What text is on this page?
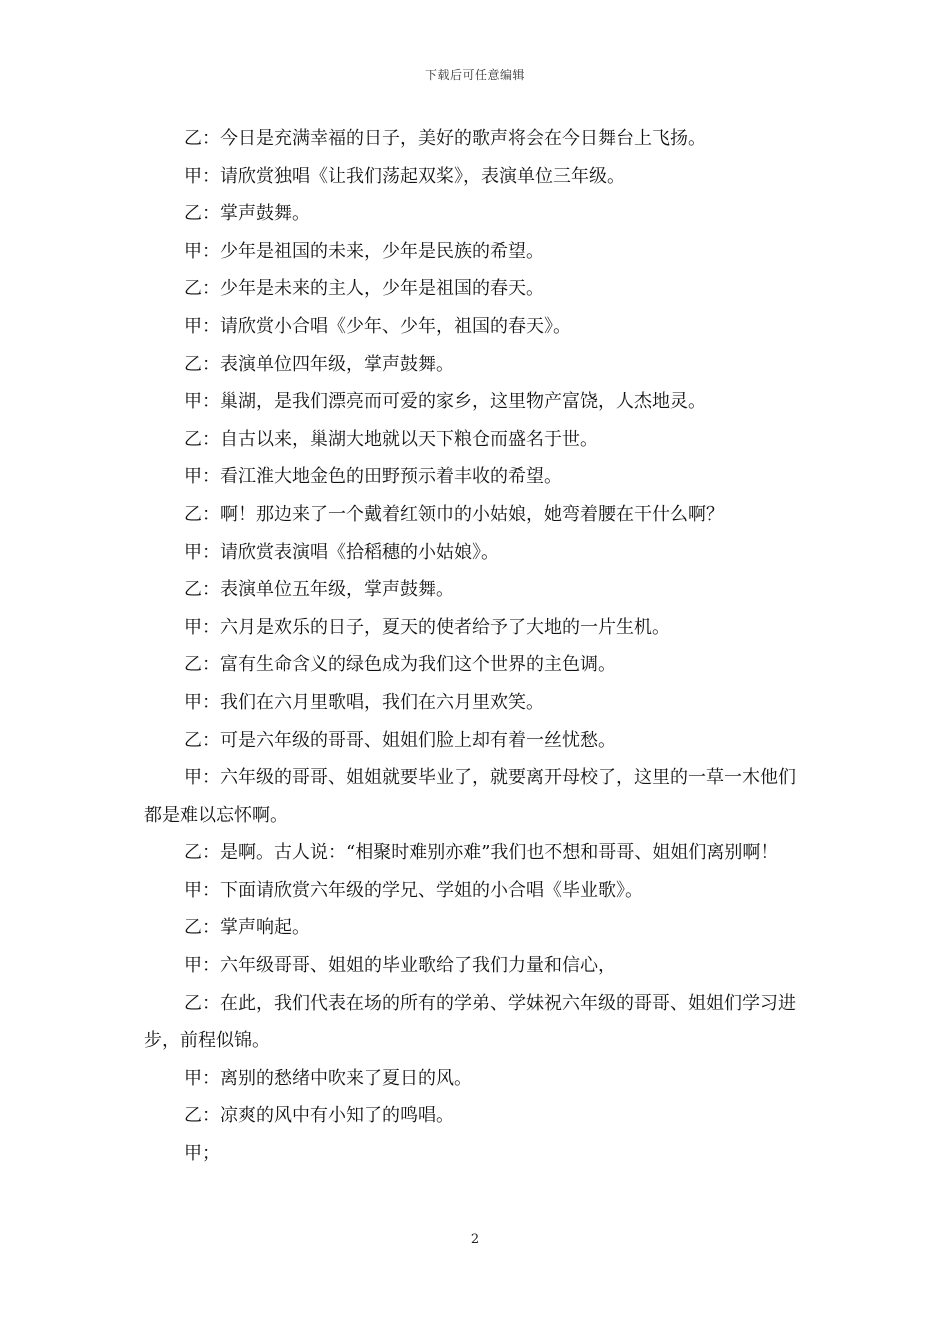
下载后可任意编辑

乙：今日是充满幸福的日子，美好的歌声将会在今日舞台上飞扬。

甲：请欣赏独唱《让我们荡起双桨》，表演单位三年级。

乙：掌声鼓舞。

甲：少年是祖国的未来，少年是民族的希望。

乙：少年是未来的主人，少年是祖国的春天。

甲：请欣赏小合唱《少年、少年，祖国的春天》。

乙：表演单位四年级，掌声鼓舞。

甲：巢湖，是我们漂亮而可爱的家乡，这里物产富饶，人杰地灵。

乙：自古以来，巢湖大地就以天下粮仓而盛名于世。

甲：看江淮大地金色的田野预示着丰收的希望。

乙：啊！那边来了一个戴着红领巾的小姑娘，她弯着腰在干什么啊？

甲：请欣赏表演唱《拾稻穗的小姑娘》。

乙：表演单位五年级，掌声鼓舞。

甲：六月是欢乐的日子，夏天的使者给予了大地的一片生机。

乙：富有生命含义的绿色成为我们这个世界的主色调。

甲：我们在六月里歌唱，我们在六月里欢笑。

乙：可是六年级的哥哥、姐姐们脸上却有着一丝忧愁。

甲：六年级的哥哥、姐姐就要毕业了，就要离开母校了，这里的一草一木他们都是难以忘怀啊。

乙：是啊。古人说：“相聚时难别亦难”我们也不想和哥哥、姐姐们离别啊！

甲：下面请欣赏六年级的学兄、学姐的小合唱《毕业歌》。

乙：掌声响起。

甲：六年级哥哥、姐姐的毕业歌给了我们力量和信心，

乙：在此，我们代表在场的所有的学弟、学妹祝六年级的哥哥、姐姐们学习进步，前程似锦。

甲：离别的愁绪中吹来了夏日的风。

乙：凉爽的风中有小知了的鸣唱。

甲；

2
